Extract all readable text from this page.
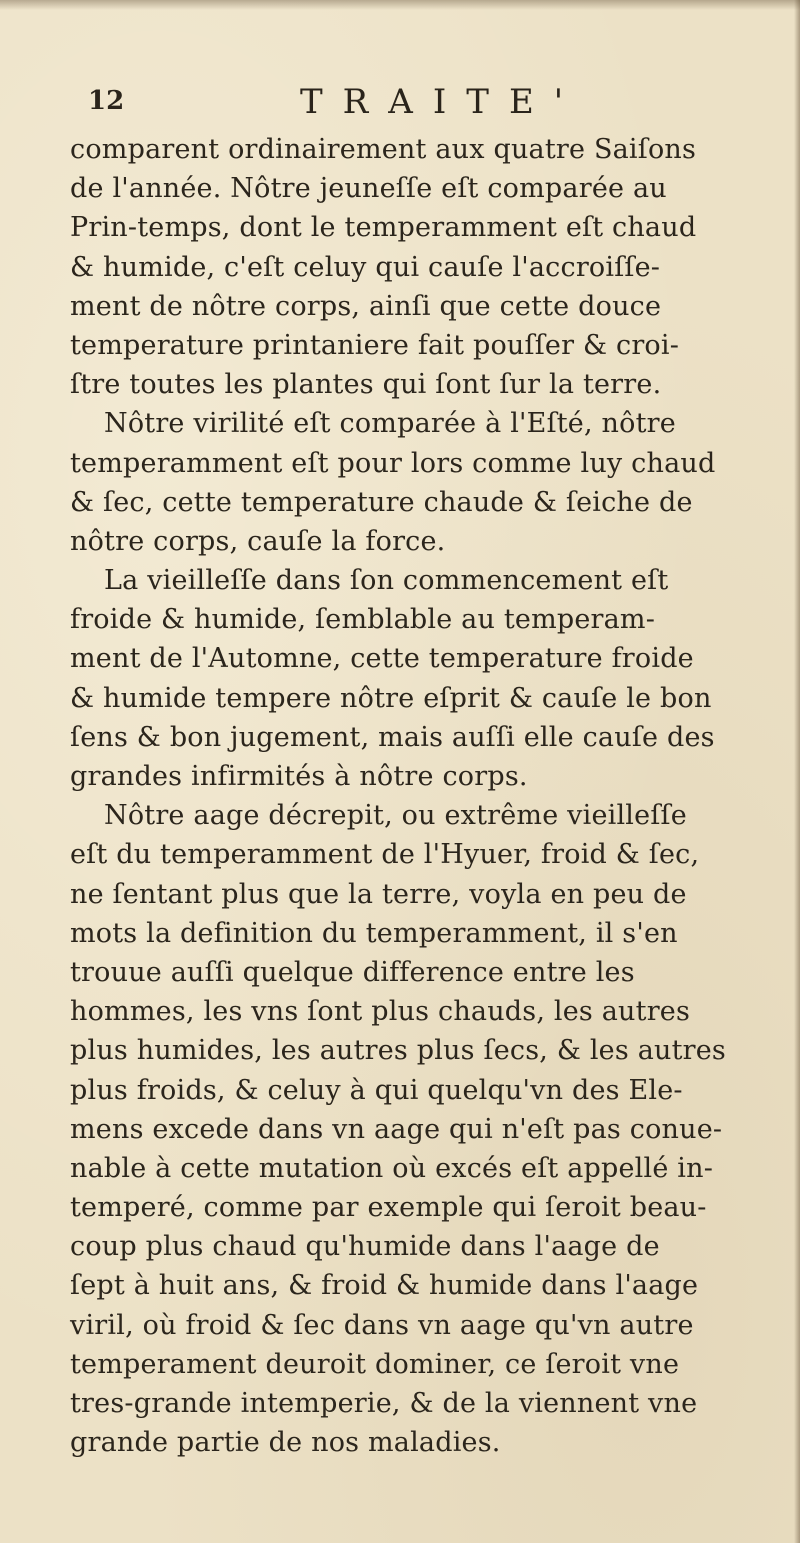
12	TRAITE'
comparent ordinairement aux quatre Saiſons
de l'année. Nôtre jeuneſſe eſt comparée au
Prin-temps, dont le temperamment eſt chaud
& humide, c'eſt celuy qui cauſe l'accroiſſe-
ment de nôtre corps, ainſi que cette douce
temperature printaniere fait pouſſer & croi-
ſtre toutes les plantes qui ſont ſur la terre.
Nôtre virilité eſt comparée à l'Eſté, nôtre
temperamment eſt pour lors comme luy chaud
& ſec, cette temperature chaude & ſeiche de
nôtre corps, cauſe la force.
La vieilleſſe dans ſon commencement eſt
froide & humide, ſemblable au temperam-
ment de l'Automne, cette temperature froide
& humide tempere nôtre eſprit & cauſe le bon
ſens & bon jugement, mais auſſi elle cauſe des
grandes infirmités à nôtre corps.
Nôtre aage décrepit, ou extrême vieilleſſe
eſt du temperamment de l'Hyuer, froid & ſec,
ne ſentant plus que la terre, voyla en peu de
mots la definition du temperamment, il s'en
trouue auſſi quelque difference entre les
hommes, les vns ſont plus chauds, les autres
plus humides, les autres plus ſecs, & les autres
plus froids, & celuy à qui quelqu'vn des Ele-
mens excede dans vn aage qui n'eſt pas conue-
nable à cette mutation où excés eſt appellé in-
temperé, comme par exemple qui ſeroit beau-
coup plus chaud qu'humide dans l'aage de
ſept à huit ans, & froid & humide dans l'aage
viril, où froid & ſec dans vn aage qu'vn autre
temperament deuroit dominer, ce ſeroit vne
tres-grande intemperie, & de la viennent vne
grande partie de nos maladies.
